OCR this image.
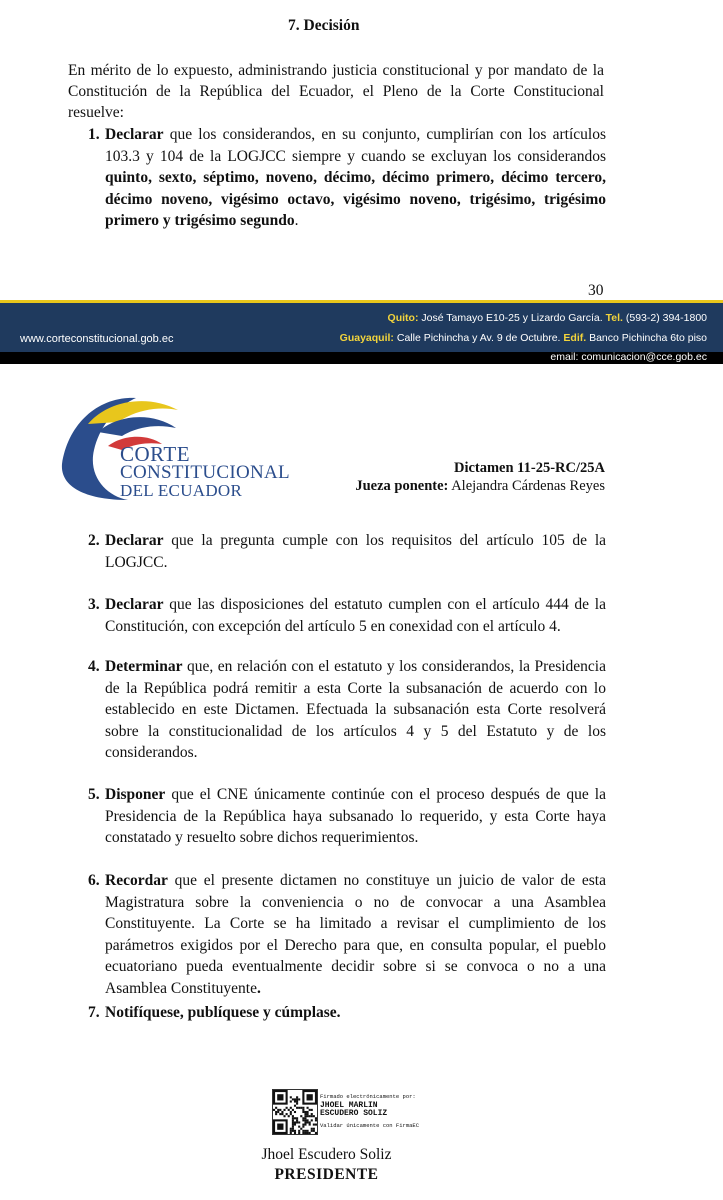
7. Decisión

En mérito de lo expuesto, administrando justicia constitucional y por mandato de la Constitución de la República del Ecuador, el Pleno de la Corte Constitucional resuelve:

1. Declarar que los considerandos, en su conjunto, cumplirían con los artículos 103.3 y 104 de la LOGJCC siempre y cuando se excluyan los considerandos quinto, sexto, séptimo, noveno, décimo, décimo primero, décimo tercero, décimo noveno, vigésimo octavo, vigésimo noveno, trigésimo, trigésimo primero y trigésimo segundo.
30
Quito: José Tamayo E10-25 y Lizardo García. Tel. (593-2) 394-1800
www.corteconstitucional.gob.ec	Guayaquil: Calle Pichincha y Av. 9 de Octubre. Edif. Banco Pichincha 6to piso
email: comunicacion@cce.gob.ec
CORTE
CONSTITUCIONAL
DEL ECUADOR
Dictamen 11-25-RC/25A
Jueza ponente: Alejandra Cárdenas Reyes
2. Declarar que la pregunta cumple con los requisitos del artículo 105 de la LOGJCC.
3. Declarar que las disposiciones del estatuto cumplen con el artículo 444 de la Constitución, con excepción del artículo 5 en conexidad con el artículo 4.
4. Determinar que, en relación con el estatuto y los considerandos, la Presidencia de la República podrá remitir a esta Corte la subsanación de acuerdo con lo establecido en este Dictamen. Efectuada la subsanación esta Corte resolverá sobre la constitucionalidad de los artículos 4 y 5 del Estatuto y de los considerandos.
5. Disponer que el CNE únicamente continúe con el proceso después de que la Presidencia de la República haya subsanado lo requerido, y esta Corte haya constatado y resuelto sobre dichos requerimientos.
6. Recordar que el presente dictamen no constituye un juicio de valor de esta Magistratura sobre la conveniencia o no de convocar a una Asamblea Constituyente. La Corte se ha limitado a revisar el cumplimiento de los parámetros exigidos por el Derecho para que, en consulta popular, el pueblo ecuatoriano pueda eventualmente decidir sobre si se convoca o no a una Asamblea Constituyente.
7. Notifíquese, publíquese y cúmplase.
Firmado electrónicamente por:
JHOEL MARLIN
ESCUDERO SOLIZ
Validar únicamente con FirmaEC
Jhoel Escudero Soliz
PRESIDENTE
